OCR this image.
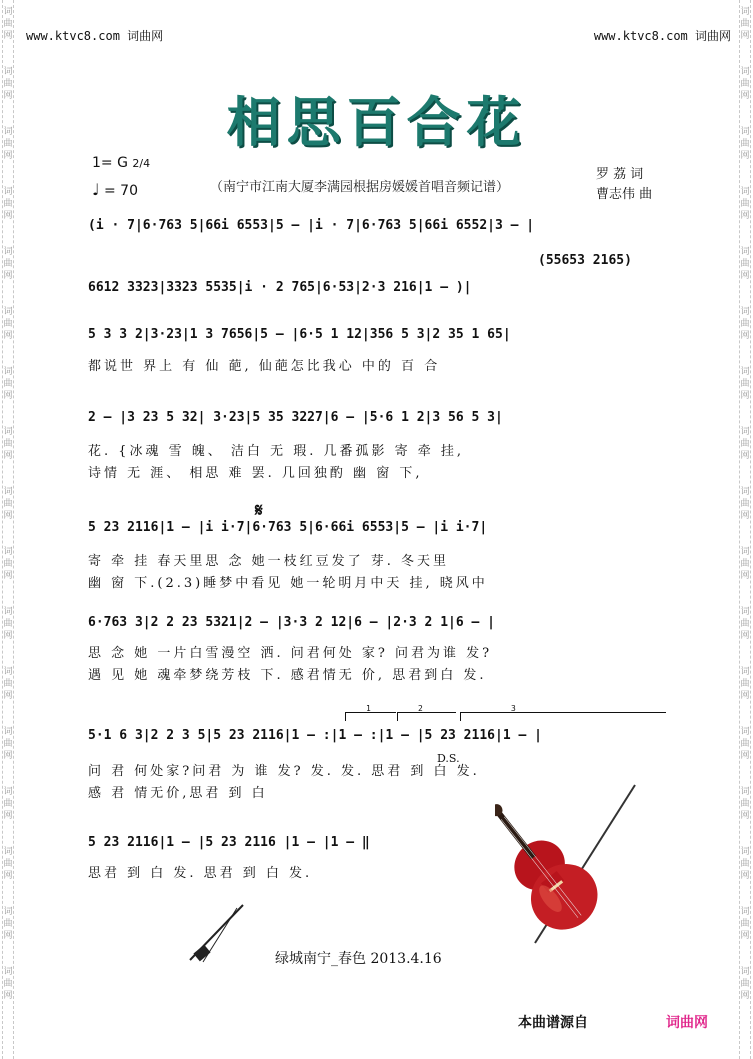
词
曲
网
词
曲
网
词
曲
网
词
曲
网
词
曲
网
词
曲
网
词
曲
网
词
曲
网
词
曲
网
词
曲
网
词
曲
网
词
曲
网
词
曲
网
词
曲
网
词
曲
网
词
曲
网
词
曲
网
词
曲
网
词
曲
网
词
曲
网
词
曲
网
词
曲
网
词
曲
网
词
曲
网
词
曲
网
词
曲
网
词
曲
网
词
曲
网
词
曲
网
词
曲
网
词
曲
网
词
曲
网
词
曲
网
词
曲
网
www.ktvc8.com 词曲网	www.ktvc8.com 词曲网
相思百合花
1= G 2/4
♩ = 70	（南宁市江南大厦李满园根据房媛媛首唱音频记谱）
罗 荔 词
曹志伟 曲
(i · 7|6·763 5|66i 6553|5 – |i · 7|6·763 5|66i 6552|3 – |
(55653 2165)
6612 3323|3323 5535|i · 2 765|6·53|2·3 216|1 – )|
5 3 3 2|3·23|1 3 7656|5 – |6·5 1 12|356 5 3|2 35 1 65|
都说世 界上 有 仙 葩, 仙葩怎比我心 中的 百 合
2 – |3 23 5 32| 3·23|5 35 3227|6 – |5·6 1 2|3 56 5 3|
花. {冰魂 雪 魄、 洁白 无 瑕. 几番孤影 寄 牵 挂,
诗情 无 涯、 相思 难 罢. 几回独酌 幽 窗 下,
𝄋
5 23 2116|1 – |i i·7|6·763 5|6·66i 6553|5 – |i i·7|
寄 牵 挂 春天里思 念 她一枝红豆发了 芽. 冬天里
幽 窗 下.(2.3)睡梦中看见 她一轮明月中天 挂, 晓风中
6·763 3|2 2 23 5321|2 – |3·3 2 12|6 – |2·3 2 1|6 – |
思 念 她 一片白雪漫空 洒. 问君何处 家? 问君为谁 发?
遇 见 她 魂牵梦绕芳枝 下. 感君情无 价, 思君到白 发.
1	2	3
5·1 6 3|2 2 3 5|5 23 2116|1 – :|1 – :|1 – |5 23 2116|1 – |
D.S.
问 君 何处家?问君 为 谁 发? 发. 发. 思君 到 白 发.
感 君 情无价,思君 到 白
5 23 2116|1 – |5 23 2116 |1 – |1 – ‖
思君 到 白 发. 思君 到 白 发.
绿城南宁_春色 2013.4.16
本曲谱源自	词曲网
